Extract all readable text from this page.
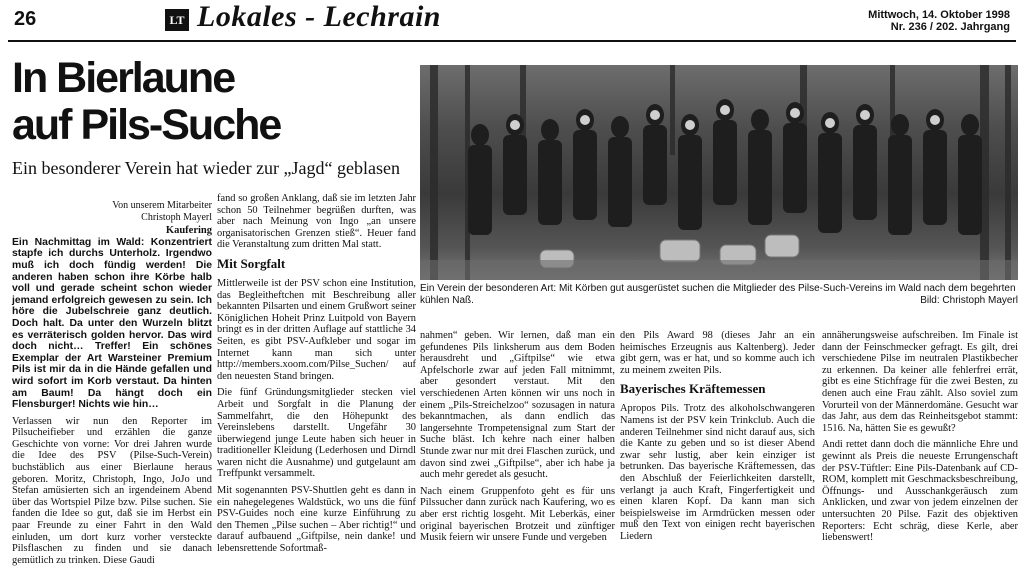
26	LT Lokales - Lechrain	Mittwoch, 14. Oktober 1998
Nr. 236 / 202. Jahrgang
In Bierlaune
auf Pils-Suche
Ein besonderer Verein hat wieder zur „Jagd“ geblasen
Ein Verein der besonderen Art: Mit Körben gut ausgerüstet suchen die Mitglieder des Pilse-Such-Vereins im Wald nach dem begehrten kühlen Naß.	Bild: Christoph Mayerl
Von unserem Mitarbeiter
Christoph Mayerl
Kaufering

Ein Nachmittag im Wald: Konzentriert stapfe ich durchs Unterholz. Irgendwo muß ich doch fündig werden! Die anderen haben schon ihre Körbe halb voll und gerade scheint schon wieder jemand erfolgreich gewesen zu sein. Ich höre die Jubelschreie ganz deutlich. Doch halt. Da unter den Wurzeln blitzt es verräterisch golden hervor. Das wird doch nicht… Treffer! Ein schönes Exemplar der Art Warsteiner Premium Pils ist mir da in die Hände gefallen und wird sofort im Korb verstaut. Da hinten am Baum! Da hängt doch ein Flensburger! Nichts wie hin…

Verlassen wir nun den Reporter im Pilsucheifieber und erzählen die ganze Geschichte von vorne: Vor drei Jahren wurde die Idee des PSV (Pilse-Such-Verein) buchstäblich aus einer Bierlaune heraus geboren. Moritz, Christoph, Ingo, JoJo und Stefan amüsierten sich an irgendeinem Abend über das Wortspiel Pilze bzw. Pilse suchen. Sie fanden die Idee so gut, daß sie im Herbst ein paar Freunde zu einer Fahrt in den Wald einluden, um dort kurz vorher versteckte Pilsflaschen zu finden und sie danach gemütlich zu trinken. Diese Gaudi

fand so großen Anklang, daß sie im letzten Jahr schon 50 Teilnehmer begrüßen durften, was aber nach Meinung von Ingo „an unsere organisatorischen Grenzen stieß“. Heuer fand die Veranstaltung zum dritten Mal statt.

Mit Sorgfalt

Mittlerweile ist der PSV schon eine Institution, das Begleitheftchen mit Beschreibung aller bekannten Pilsarten und einem Grußwort seiner Königlichen Hoheit Prinz Luitpold von Bayern bringt es in der dritten Auflage auf stattliche 34 Seiten, es gibt PSV-Aufkleber und sogar im Internet kann man sich unter http://members.xoom.com/Pilse_Suchen/ auf den neuesten Stand bringen.

Die fünf Gründungsmitglieder stecken viel Arbeit und Sorgfalt in die Planung der Sammelfahrt, die den Höhepunkt des Vereinslebens darstellt. Ungefähr 30 überwiegend junge Leute haben sich heuer in traditioneller Kleidung (Lederhosen und Dirndl waren nicht die Ausnahme) und gutgelaunt am Treffpunkt versammelt.

Mit sogenannten PSV-Shuttlen geht es dann in ein nahegelegenes Waldstück, wo uns die fünf PSV-Guides noch eine kurze Einführung zu den Themen „Pilse suchen – Aber richtig!“ und darauf aufbauend „Giftpilse, nein danke! und lebensrettende Sofortmaß-

nahmen“ geben. Wir lernen, daß man ein gefundenes Pils linksherum aus dem Boden herausdreht und „Giftpilse“ wie etwa Apfelschorle zwar auf jeden Fall mitnimmt, aber gesondert verstaut. Mit den verschiedenen Arten können wir uns noch in einem „Pils-Streichelzoo“ sozusagen in natura bekanntmachen, als dann endlich das langersehnte Trompetensignal zum Start der Suche bläst. Ich kehre nach einer halben Stunde zwar nur mit drei Flaschen zurück, und davon sind zwei „Giftpilse“, aber ich habe ja auch mehr geredet als gesucht.

Nach einem Gruppenfoto geht es für uns Pilssucher dann zurück nach Kaufering, wo es aber erst richtig losgeht. Mit Leberkäs, einer original bayerischen Brotzeit und zünftiger Musik feiern wir unsere Funde und vergeben

den Pils Award 98 (dieses Jahr an ein heimisches Erzeugnis aus Kaltenberg). Jeder gibt gern, was er hat, und so komme auch ich zu meinem zweiten Pils.

Bayerisches Kräftemessen

Apropos Pils. Trotz des alkoholschwangeren Namens ist der PSV kein Trinkclub. Auch die anderen Teilnehmer sind nicht darauf aus, sich die Kante zu geben und so ist dieser Abend zwar sehr lustig, aber kein einziger ist betrunken. Das bayerische Kräftemessen, das den Abschluß der Feierlichkeiten darstellt, verlangt ja auch Kraft, Fingerfertigkeit und einen klaren Kopf. Da kann man sich beispielsweise im Armdrücken messen oder muß den Text von einigen recht bayerischen Liedern

annäherungsweise aufschreiben. Im Finale ist dann der Feinschmecker gefragt. Es gilt, drei verschiedene Pilse im neutralen Plastikbecher zu erkennen. Da keiner alle fehlerfrei errät, gibt es eine Stichfrage für die zwei Besten, zu denen auch eine Frau zählt. Also soviel zum Vorurteil von der Männerdomäne. Gesucht war das Jahr, aus dem das Reinheitsgebot stammt: 1516. Na, hätten Sie es gewußt?

Andi rettet dann doch die männliche Ehre und gewinnt als Preis die neueste Errungenschaft der PSV-Tüftler: Eine Pils-Datenbank auf CD-ROM, komplett mit Geschmacksbeschreibung, Öffnungs- und Ausschankgeräusch zum Anklicken, und zwar von jedem einzelnen der untersuchten 20 Pilse. Fazit des objektiven Reporters: Echt schräg, diese Kerle, aber liebenswert!
